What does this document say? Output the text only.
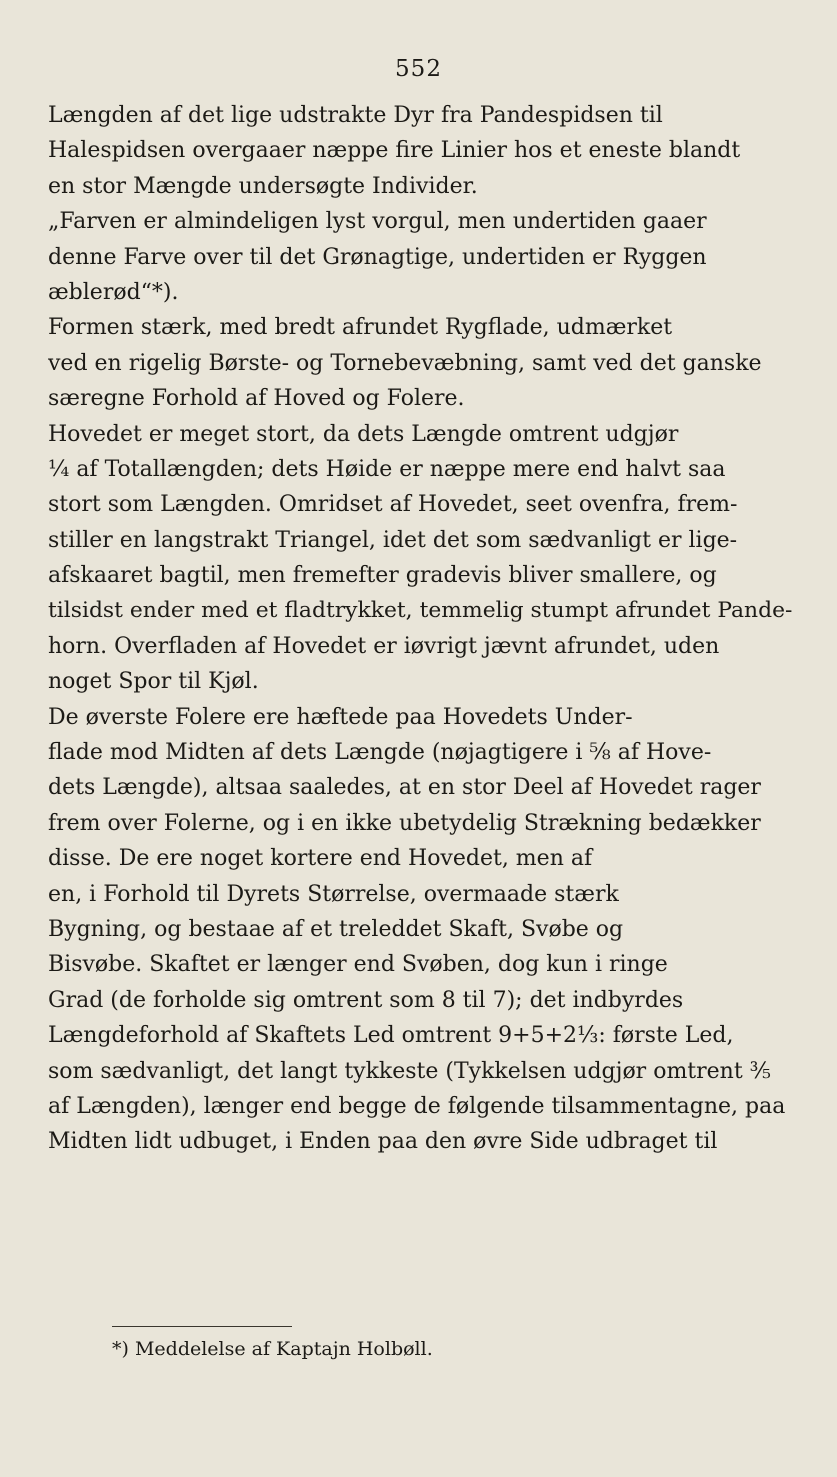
552
Længden af det lige udstrakte Dyr fra Pandespidsen til
Halespidsen overgaaer næppe fire Linier hos et eneste blandt
en stor Mængde undersøgte Individer.
„Farven er almindeligen lyst vorgul, men undertiden gaaer
denne Farve over til det Grønagtige, undertiden er Ryggen
æblerød“*).
Formen stærk, med bredt afrundet Rygflade, udmærket
ved en rigelig Børste- og Tornebevæbning, samt ved det ganske
særegne Forhold af Hoved og Folere.
Hovedet er meget stort, da dets Længde omtrent udgjør
¼ af Totallængden; dets Høide er næppe mere end halvt saa
stort som Længden. Omridset af Hovedet, seet ovenfra, frem-
stiller en langstrakt Triangel, idet det som sædvanligt er lige-
afskaaret bagtil, men fremefter gradevis bliver smallere, og
tilsidst ender med et fladtrykket, temmelig stumpt afrundet Pande-
horn. Overfladen af Hovedet er iøvrigt jævnt afrundet, uden
noget Spor til Kjøl.
De øverste Folere ere hæftede paa Hovedets Under-
flade mod Midten af dets Længde (nøjagtigere i ⅝ af Hove-
dets Længde), altsaa saaledes, at en stor Deel af Hovedet rager
frem over Folerne, og i en ikke ubetydelig Strækning bedækker
disse. De ere noget kortere end Hovedet, men af
en, i Forhold til Dyrets Størrelse, overmaade stærk
Bygning, og bestaae af et treleddet Skaft, Svøbe og
Bisvøbe. Skaftet er længer end Svøben, dog kun i ringe
Grad (de forholde sig omtrent som 8 til 7); det indbyrdes
Længdeforhold af Skaftets Led omtrent 9+5+2⅓: første Led,
som sædvanligt, det langt tykkeste (Tykkelsen udgjør omtrent ⅗
af Længden), længer end begge de følgende tilsammentagne, paa
Midten lidt udbuget, i Enden paa den øvre Side udbraget til
*) Meddelelse af Kaptajn Holbøll.
